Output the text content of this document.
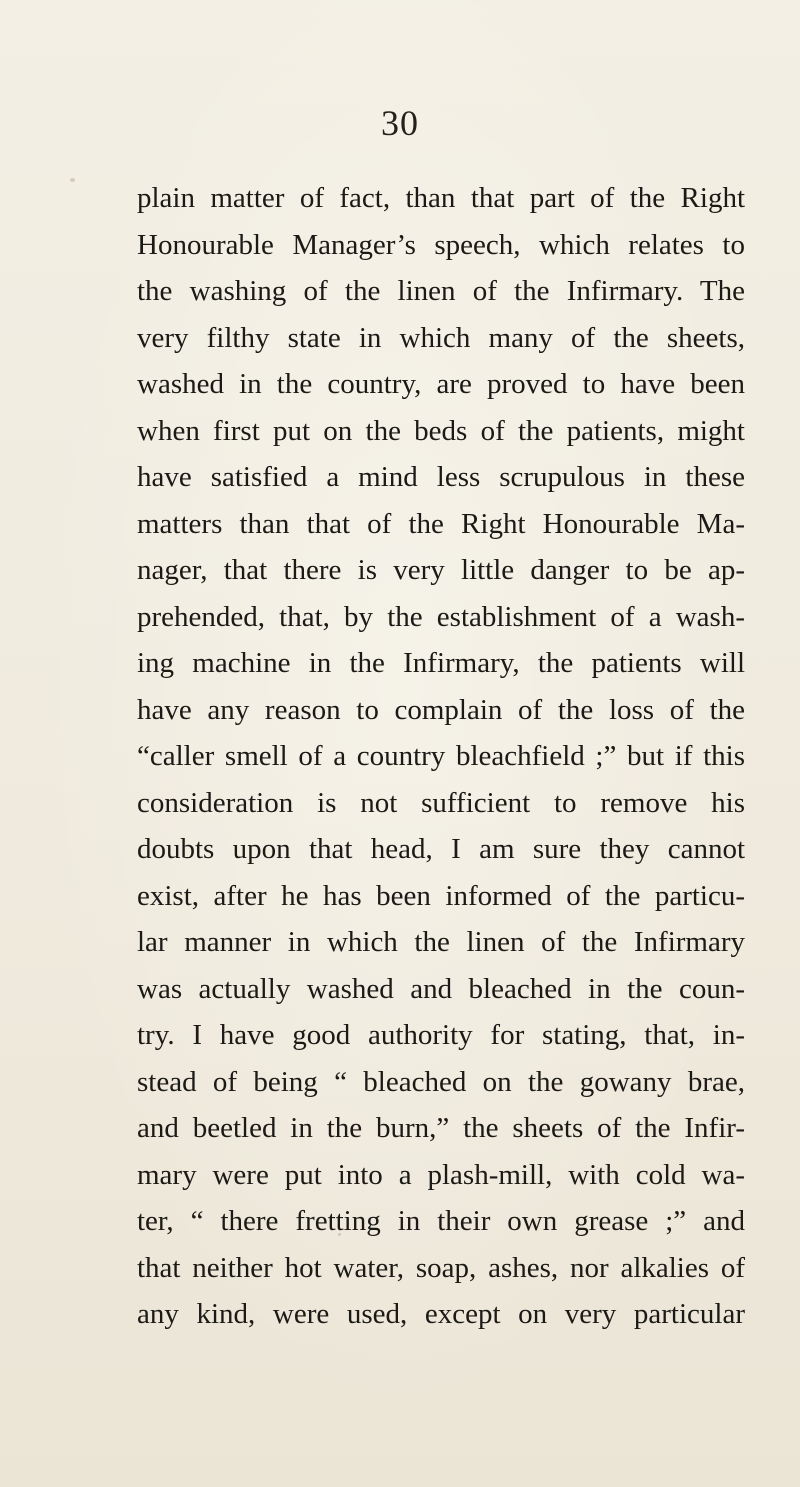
30
plain matter of fact, than that part of the Right
Honourable Manager’s speech, which relates to
the washing of the linen of the Infirmary. The
very filthy state in which many of the sheets,
washed in the country, are proved to have been
when first put on the beds of the patients, might
have satisfied a mind less scrupulous in these
matters than that of the Right Honourable Ma-
nager, that there is very little danger to be ap-
prehended, that, by the establishment of a wash-
ing machine in the Infirmary, the patients will
have any reason to complain of the loss of the
“caller smell of a country bleachfield ;” but if this
consideration is not sufficient to remove his
doubts upon that head, I am sure they cannot
exist, after he has been informed of the particu-
lar manner in which the linen of the Infirmary
was actually washed and bleached in the coun-
try. I have good authority for stating, that, in-
stead of being “ bleached on the gowany brae,
and beetled in the burn,” the sheets of the Infir-
mary were put into a plash-mill, with cold wa-
ter, “ there fretting in their own grease ;” and
that neither hot water, soap, ashes, nor alkalies of
any kind, were used, except on very particular
